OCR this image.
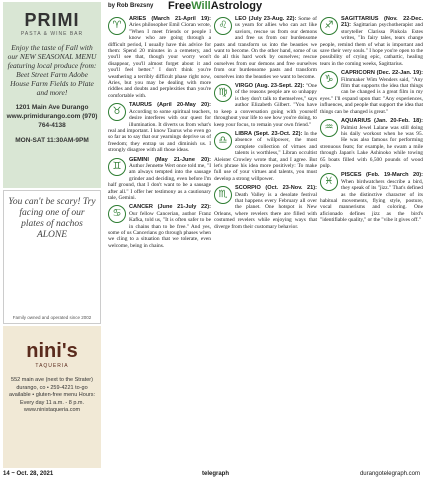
PRIMI
PASTA & WINE BAR
Enjoy the taste of Fall with our NEW SEASONAL MENU featuring local produce from: Beet Street Farm Adobe House Farm Fields to Plate and more!
1201 Main Ave Durango www.primidurango.com (970) 764-4138
MON-SAT 11:30AM-9PM
You can't be scary! Try facing one of our plates of nachos ALONE
Family owned and operated since 2002
nini's
TAQUERIA
552 main ave (next to the Strater) durango, co • 259-4221 to-go available • gluten-free menu Hours: Every day 11 a.m. - 8 p.m. www.ninistaqueria.com
by Rob Brezsny FreeWillAstrology
♈
ARIES (March 21-April 19): Aries philosopher Emil Cioran wrote, "When I meet friends or people I know who are going through a difficult period, I usually have this advice for them: Spend 20 minutes in a cemetery, and you'll see that, though your worry won't disappear, you'll almost forget about it and you'll feel better." I don't think you're weathering a terribly difficult phase right now, Aries, but you may be dealing with more riddles and doubts and perplexities than you're comfortable with.
♉
TAURUS (April 20-May 20): According to some spiritual teachers, desire interferes with our quest for illumination. It diverts us from what's real and important. I know Taurus who even go so far as to say that our yearnings deprive us of freedom; they entrap us and diminish us. I strongly disagree with all those ideas.
♊
GEMINI (May 21-June 20): Author Jennette Wert once told me, "I am always tempted into the sausage grinder and deciding, even before I'm half ground, that I don't want to be a sausage after all." I offer her testimony as a cautionary tale, Gemini.
♋
CANCER (June 21-July 22): Our fellow Cancerian, author Franz Kafka, told us, "It is often safer to be in chains than to be free." And yes, some of us Cancerians go through phases when we cling to a situation that we tolerate, even welcome, being in chains.
♌
LEO (July 23-Aug. 22): Some of us yearn for allies who can act like saviors, rescue us from our demons and free us from our burdensome pasts and transform us into the beauties we want to become. On the other hand, some of us do all this hard work by ourselves; rescue ourselves from our demons and free ourselves from our burdensome pasts and transform ourselves into the beauties we want to become.
♍
VIRGO (Aug. 23-Sept. 22): "One of the reasons people are so unhappy is they don't talk to themselves," says author Elizabeth Gilbert. "You have to keep a conversation going with yourself throughout your life to see how you're doing, to keep your focus, to remain your own friend."
♎
LIBRA (Sept. 23-Oct. 22): In the absence of willpower, the most complete collection of virtues and talents is worthless," Libran occultist Aleister Crowley wrote that, and I agree. But let's phrase his idea more positively: To make full use of your virtues and talents, you must develop a strong willpower.
♏
SCORPIO (Oct. 23-Nov. 21): Death Valley is a desolate festival that happens every February all over the planet. One hotspot is New Orleans, where revelers there are filled with costumed revelers while enjoying ways that diverge from their customary behavior.
♐
SAGITTARIUS (Nov. 22-Dec. 21): Sagittarian psychotherapist and storyteller Clarissa Pinkola Estes writes, "In fairy tales, tears change people, remind them of what is important and save their very souls." I hope you're open to the possibility of crying epic, cathartic, healing tears in the coming weeks, Sagittarius.
♑
CAPRICORN (Dec. 22-Jan. 19): Filmmaker Wim Wenders said, "Any film that supports the idea that things can be changed is a great film in my eyes." I'll expand upon that: "Any experiences, influences, and people that support the idea that things can be changed is great."
♒
AQUARIUS (Jan. 20-Feb. 18): Palmist Jewel Lalane was still doing his daily workout when he was 95. He was also famous for performing strenuous feats; for example, he swam a mile through Japan's Lake Ashinoko while towing 65 boats filled with 6,500 pounds of wood pulp.
♓
PISCES (Feb. 19-March 20): When birdwatchers describe a bird, they speak of its "jizz." That's defined as the distinctive character of its habitual movements, flying style, posture, vocal mannerisms and coloring. One aficionado defines jizz as the bird's "identifiable quality," or the "vibe it gives off."
14 ~ Oct. 28, 2021	telegraph	durangotelegraph.com
